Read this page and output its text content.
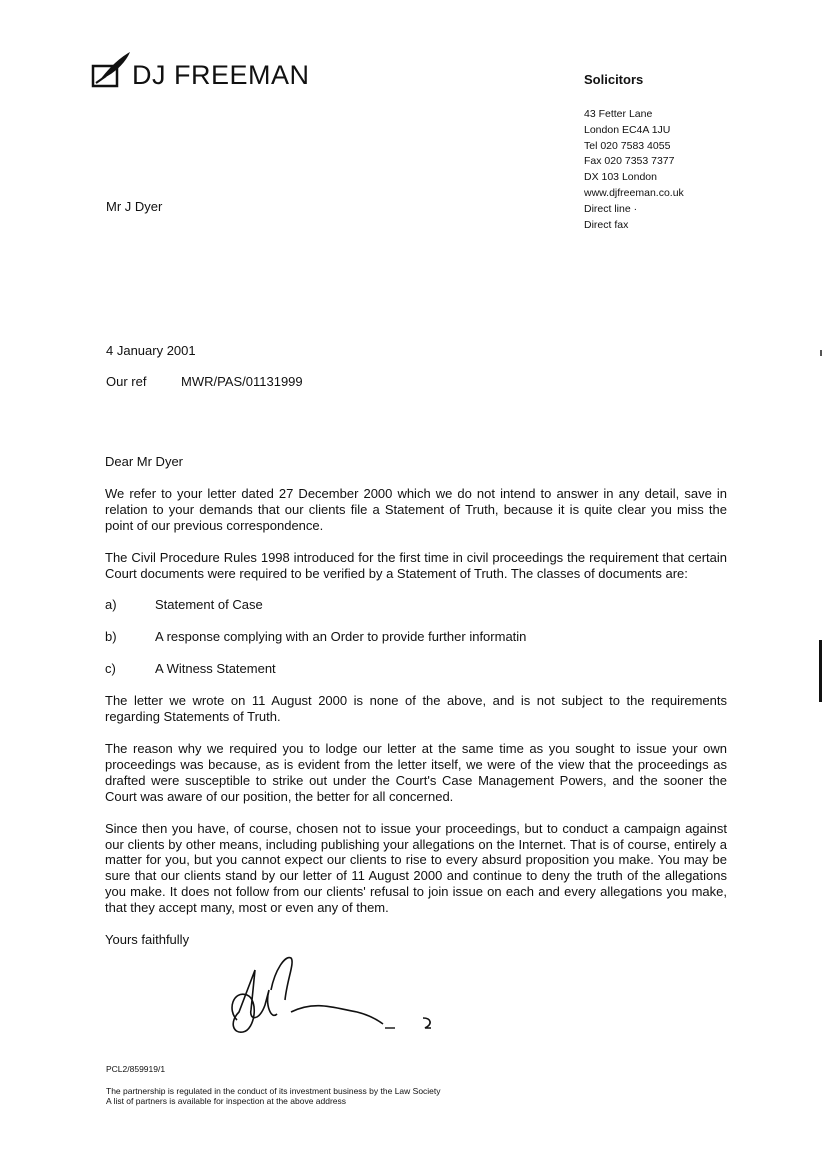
DJ FREEMAN	Solicitors
43 Fetter Lane
London EC4A 1JU
Tel 020 7583 4055
Fax 020 7353 7377
DX 103 London
www.djfreeman.co.uk
Direct line ·
Direct fax
Mr J Dyer
4 January 2001
Our ref	MWR/PAS/01131999

Dear Mr Dyer

We refer to your letter dated 27 December 2000 which we do not intend to answer in any detail, save in relation to your demands that our clients file a Statement of Truth, because it is quite clear you miss the point of our previous correspondence.

The Civil Procedure Rules 1998 introduced for the first time in civil proceedings the requirement that certain Court documents were required to be verified by a Statement of Truth. The classes of documents are:

a)	Statement of Case
b)	A response complying with an Order to provide further informatin
c)	A Witness Statement

The letter we wrote on 11 August 2000 is none of the above, and is not subject to the requirements regarding Statements of Truth.

The reason why we required you to lodge our letter at the same time as you sought to issue your own proceedings was because, as is evident from the letter itself, we were of the view that the proceedings as drafted were susceptible to strike out under the Court's Case Management Powers, and the sooner the Court was aware of our position, the better for all concerned.

Since then you have, of course, chosen not to issue your proceedings, but to conduct a campaign against our clients by other means, including publishing your allegations on the Internet. That is of course, entirely a matter for you, but you cannot expect our clients to rise to every absurd proposition you make. You may be sure that our clients stand by our letter of 11 August 2000 and continue to deny the truth of the allegations you make. It does not follow from our clients' refusal to join issue on each and every allegations you make, that they accept many, most or even any of them.

Yours faithfully
PCL2/859919/1
The partnership is regulated in the conduct of its investment business by the Law Society
A list of partners is available for inspection at the above address
